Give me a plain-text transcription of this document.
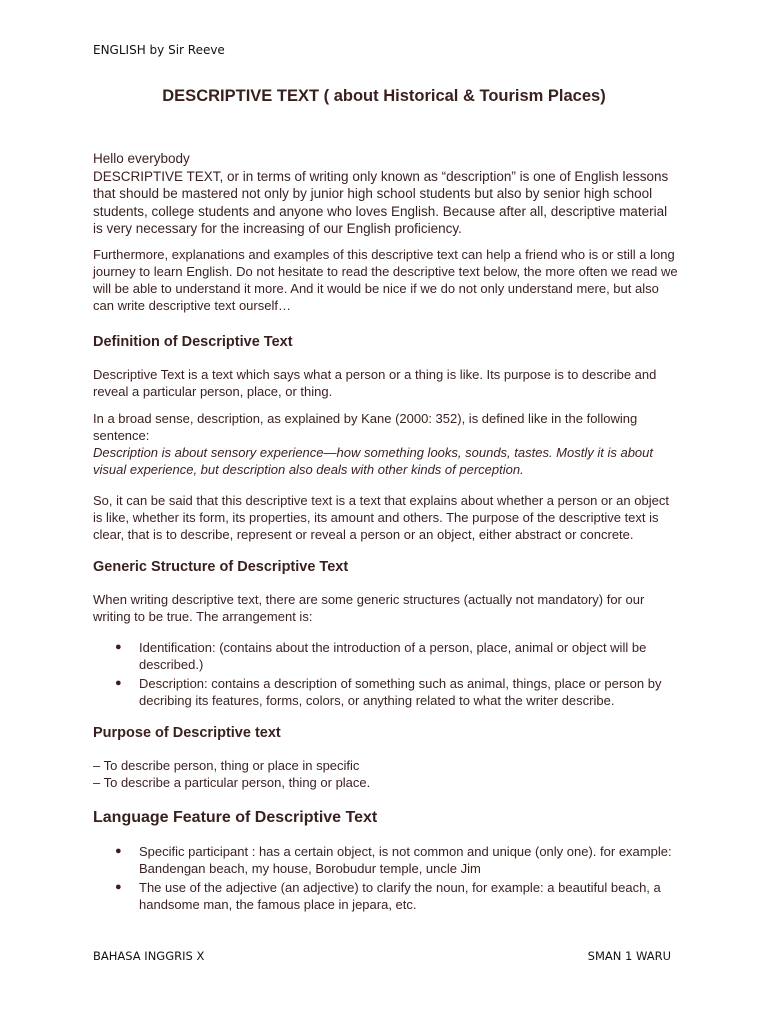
ENGLISH by Sir Reeve
DESCRIPTIVE TEXT ( about Historical & Tourism Places)

Hello everybody

DESCRIPTIVE TEXT, or in terms of writing only known as “description” is one of English lessons that should be mastered not only by junior high school students but also by senior high school students, college students and anyone who loves English. Because after all, descriptive material is very necessary for the increasing of our English proficiency.

Furthermore, explanations and examples of this descriptive text can help a friend who is or still a long journey to learn English. Do not hesitate to read the descriptive text below, the more often we read we will be able to understand it more. And it would be nice if we do not only understand mere, but also can write descriptive text ourself…

Definition of Descriptive Text

Descriptive Text is a text which says what a person or a thing is like. Its purpose is to describe and reveal a particular person, place, or thing.

In a broad sense, description, as explained by Kane (2000: 352), is defined like in the following sentence:

Description is about sensory experience—how something looks, sounds, tastes. Mostly it is about visual experience, but description also deals with other kinds of perception.

So, it can be said that this descriptive text is a text that explains about whether a person or an object is like, whether its form, its properties, its amount and others. The purpose of the descriptive text is clear, that is to describe, represent or reveal a person or an object, either abstract or concrete.

Generic Structure of Descriptive Text

When writing descriptive text, there are some generic structures (actually not mandatory) for our writing to be true. The arrangement is:

● Identification: (contains about the introduction of a person, place, animal or object will be described.)
● Description: contains a description of something such as animal, things, place or person by decribing its features, forms, colors, or anything related to what the writer describe.

Purpose of Descriptive text

– To describe person, thing or place in specific

– To describe a particular person, thing or place.

Language Feature of Descriptive Text

● Specific participant : has a certain object, is not common and unique (only one). for example: Bandengan beach, my house, Borobudur temple, uncle Jim
● The use of the adjective (an adjective) to clarify the noun, for example: a beautiful beach, a handsome man, the famous place in jepara, etc.
BAHASA INGGRIS X	SMAN 1 WARU
